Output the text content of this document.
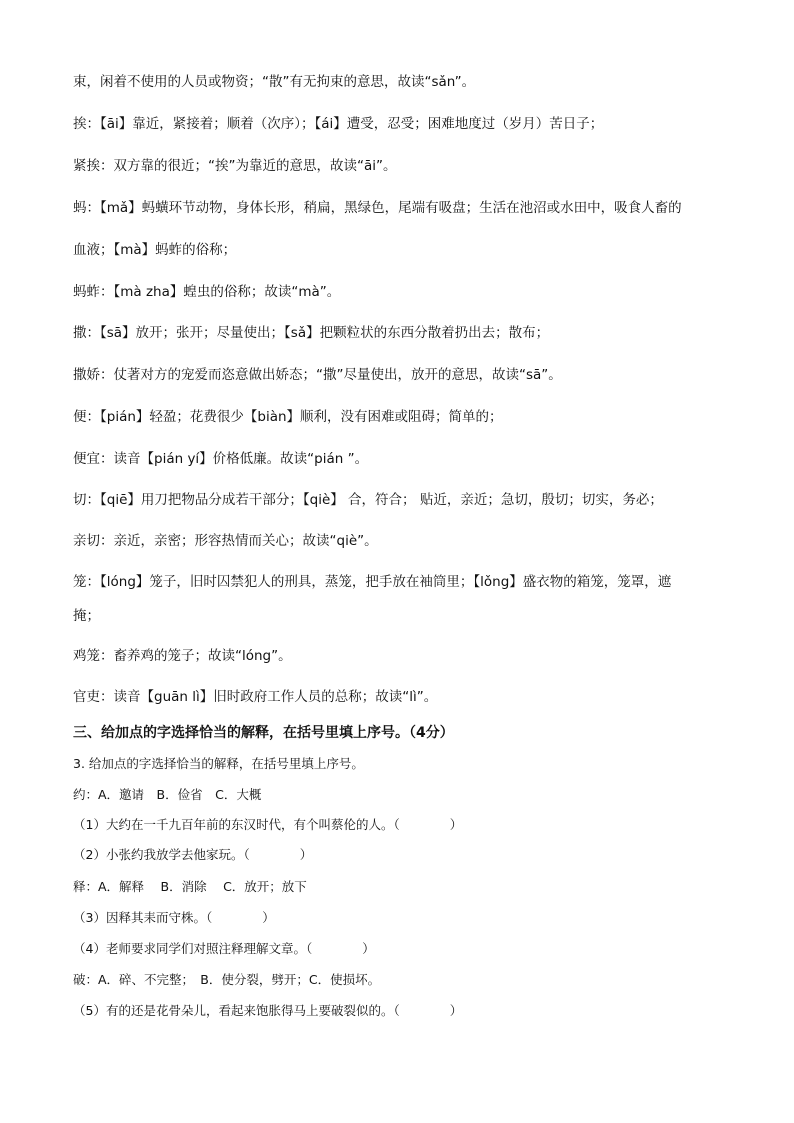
束，闲着不使用的人员或物资；“散”有无拘束的意思，故读“sǎn”。
挨：【āi】靠近，紧接着；顺着（次序）；【ái】遭受，忍受；困难地度过（岁月）苦日子；
紧挨：双方靠的很近；“挨”为靠近的意思，故读“āi”。
蚂：【mǎ】蚂蟥环节动物，身体长形，稍扁，黑绿色，尾端有吸盘；生活在池沼或水田中，吸食人畜的
血液；【mà】蚂蚱的俗称；
蚂蚱：【mà zha】蝗虫的俗称；故读“mà”。
撒：【sā】放开；张开；尽量使出；【sǎ】把颗粒状的东西分散着扔出去；散布；
撒娇：仗著对方的宠爱而恣意做出娇态；“撒”尽量使出，放开的意思，故读“sā”。
便：【pián】轻盈；花费很少【biàn】顺利，没有困难或阻碍；简单的；
便宜：读音【pián yí】价格低廉。故读“pián ”。
切：【qiē】用刀把物品分成若干部分；【qiè】 合，符合； 贴近，亲近；急切，殷切；切实，务必；
亲切：亲近，亲密；形容热情而关心；故读“qiè”。
笼：【lóng】笼子，旧时囚禁犯人的刑具，蒸笼，把手放在袖筒里；【lǒng】盛衣物的箱笼，笼罩，遮
掩；
鸡笼：畜养鸡的笼子；故读“lóng”。
官吏：读音【guān lì】旧时政府工作人员的总称；故读“lì”。
三、给加点的字选择恰当的解释，在括号里填上序号。（4分）
3. 给加点的字选择恰当的解释，在括号里填上序号。
约：A．邀请　B．俭省　C．大概
（1）大约在一千九百年前的东汉时代，有个叫蔡伦的人。（　　　　）
（2）小张约我放学去他家玩。（　　　　）
释：A．解释　 B．消除　 C．放开；放下
（3）因释其耒而守株。（　　　　）
（4）老师要求同学们对照注释理解文章。（　　　　）
破：A．碎、不完整；　B．使分裂，劈开；C．使损坏。
（5）有的还是花骨朵儿，看起来饱胀得马上要破裂似的。（　　　　）
